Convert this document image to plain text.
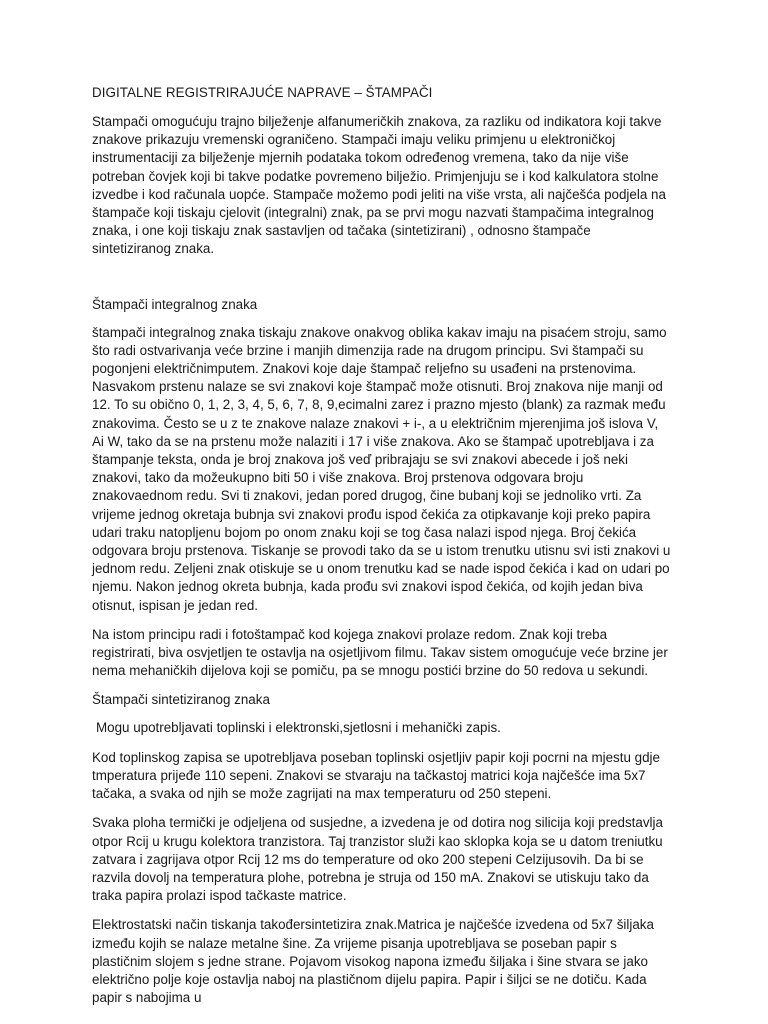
DIGITALNE REGISTRIRAJUĆE NAPRAVE – ŠTAMPAČI

Stampači omogućuju trajno bilježenje alfanumeričkih znakova, za razliku od indikatora koji takve znakove prikazuju vremenski ograničeno. Stampači imaju veliku primjenu u elektroničkoj instrumentaciji za bilježenje mjernih podataka tokom određenog vremena, tako da nije više potreban čovjek koji bi takve podatke povremeno bilježio. Primjenjuju se i kod kalkulatora stolne izvedbe i kod računala uopće. Stampače možemo podi jeliti na više vrsta, ali najčešća podjela na štampače koji tiskaju cjelovit (integralni) znak, pa se prvi mogu nazvati štampačima integralnog znaka, i one koji tiskaju znak sastavljen od tačaka (sintetizirani) , odnosno štampače sintetiziranog znaka.

Štampači integralnog znaka

štampači integralnog znaka tiskaju znakove onakvog oblika kakav imaju na pisaćem stroju, samo što radi ostvarivanja veće brzine i manjih dimenzija rade na drugom principu. Svi štampači su pogonjeni električnimputem. Znakovi koje daje štampač reljefno su usađeni na prstenovima. Nasvakom prstenu nalaze se svi znakovi koje štampač može otisnuti. Broj znakova nije manji od 12. To su obično 0, 1, 2, 3, 4, 5, 6, 7, 8, 9,ecimalni zarez i prazno mjesto (blank) za razmak među znakovima. Često se u z te znakove nalaze znakovi + i-, a u električnim mjerenjima još islova V, Ai W, tako da se na prstenu može nalaziti i 17 i više znakova. Ako se štampač upotrebljava i za štampanje teksta, onda je broj znakova još veď pribrajaju se svi znakovi abecede i još neki znakovi, tako da možeukupno biti 50 i više znakova. Broj prstenova odgovara broju znakovaednom redu. Svi ti znakovi, jedan pored drugog, čine bubanj koji se jednoliko vrti. Za vrijeme jednog okretaja bubnja svi znakovi prođu ispod čekića za otipkavanje koji preko papira udari traku natopljenu bojom po onom znaku koji se tog časa nalazi ispod njega. Broj čekića odgovara broju prstenova. Tiskanje se provodi tako da se u istom trenutku utisnu svi isti znakovi u jednom redu. Zeljeni znak otiskuje se u onom trenutku kad se nade ispod čekića i kad on udari po njemu. Nakon jednog okreta bubnja, kada prođu svi znakovi ispod čekića, od kojih jedan biva otisnut, ispisan je jedan red.

Na istom principu radi i fotoštampač kod kojega znakovi prolaze redom. Znak koji treba registrirati, biva osvjetljen te ostavlja na osjetljivom filmu. Takav sistem omogućuje veće brzine jer nema mehaničkih dijelova koji se pomiču, pa se mnogu postići brzine do 50 redova u sekundi.

Štampači sintetiziranog znaka

Mogu upotrebljavati toplinski i elektronski,sjetlosni i mehanički zapis.

Kod toplinskog zapisa se upotrebljava poseban toplinski osjetljiv papir koji pocrni na mjestu gdje tmperatura prijeđe 110 sepeni. Znakovi se stvaraju na tačkastoj matrici koja najčešće ima 5x7 tačaka, a svaka od njih se može zagrijati na max temperaturu od 250 stepeni.

Svaka ploha termički je odjeljena od susjedne, a izvedena je od dotira nog silicija koji predstavlja otpor Rcij u krugu kolektora tranzistora. Taj tranzistor služi kao sklopka koja se u datom treniutku zatvara i zagrijava otpor Rcij 12 ms do temperature od oko 200 stepeni Celzijusovih. Da bi se razvila dovolj na temperatura plohe, potrebna je struja od 150 mA. Znakovi se utiskuju tako da traka papira prolazi ispod tačkaste matrice.

Elektrostatski način tiskanja takođersintetizira znak.Matrica je najčešće izvedena od 5x7 šiljaka između kojih se nalaze metalne šine. Za vrijeme pisanja upotrebljava se poseban papir s plastičnim slojem s jedne strane. Pojavom visokog napona između šiljaka i šine stvara se jako električno polje koje ostavlja naboj na plastičnom dijelu papira. Papir i šiljci se ne dotiču. Kada papir s nabojima u
